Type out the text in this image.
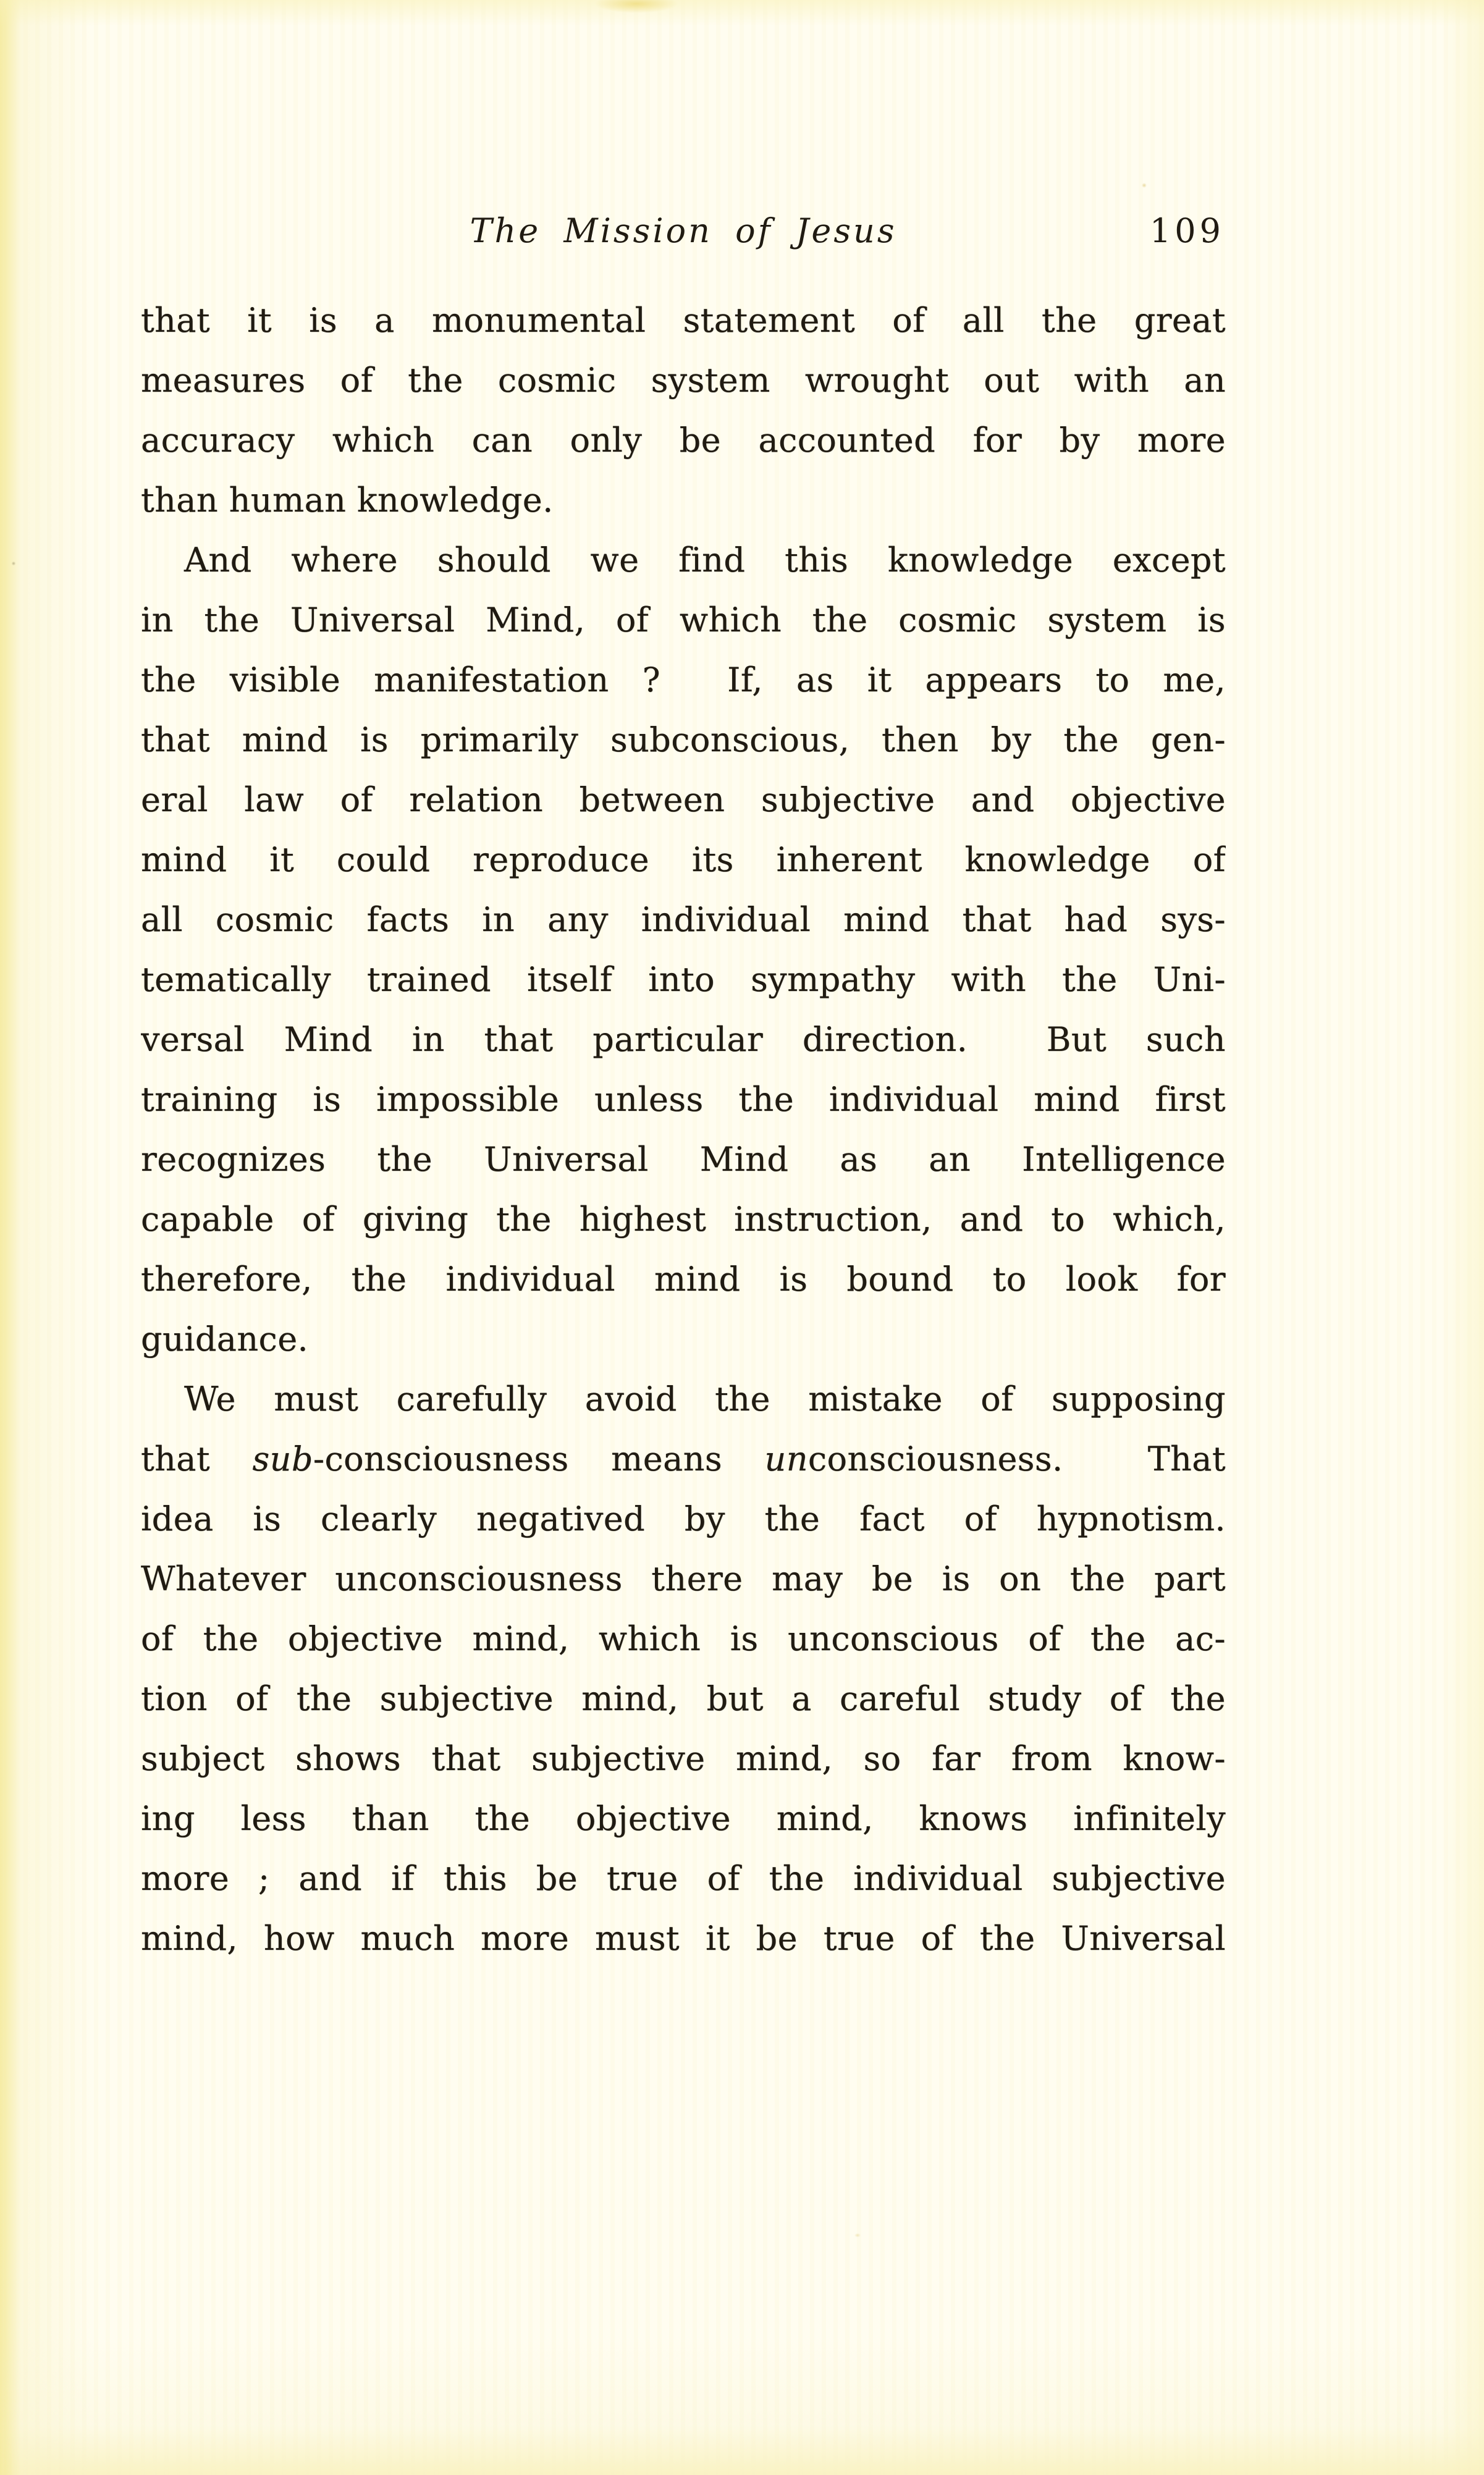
The Mission of Jesus	109
that it is a monumental statement of all the great
measures of the cosmic system wrought out with an
accuracy which can only be accounted for by more
than human knowledge.
And where should we find this knowledge except
in the Universal Mind, of which the cosmic system is
the visible manifestation ?  If, as it appears to me,
that mind is primarily subconscious, then by the gen-
eral law of relation between subjective and objective
mind it could reproduce its inherent knowledge of
all cosmic facts in any individual mind that had sys-
tematically trained itself into sympathy with the Uni-
versal Mind in that particular direction.  But such
training is impossible unless the individual mind first
recognizes the Universal Mind as an Intelligence
capable of giving the highest instruction, and to which,
therefore, the individual mind is bound to look for
guidance.
We must carefully avoid the mistake of supposing
that sub-consciousness means unconsciousness.  That
idea is clearly negatived by the fact of hypnotism.
Whatever unconsciousness there may be is on the part
of the objective mind, which is unconscious of the ac-
tion of the subjective mind, but a careful study of the
subject shows that subjective mind, so far from know-
ing less than the objective mind, knows infinitely
more ; and if this be true of the individual subjective
mind, how much more must it be true of the Universal
